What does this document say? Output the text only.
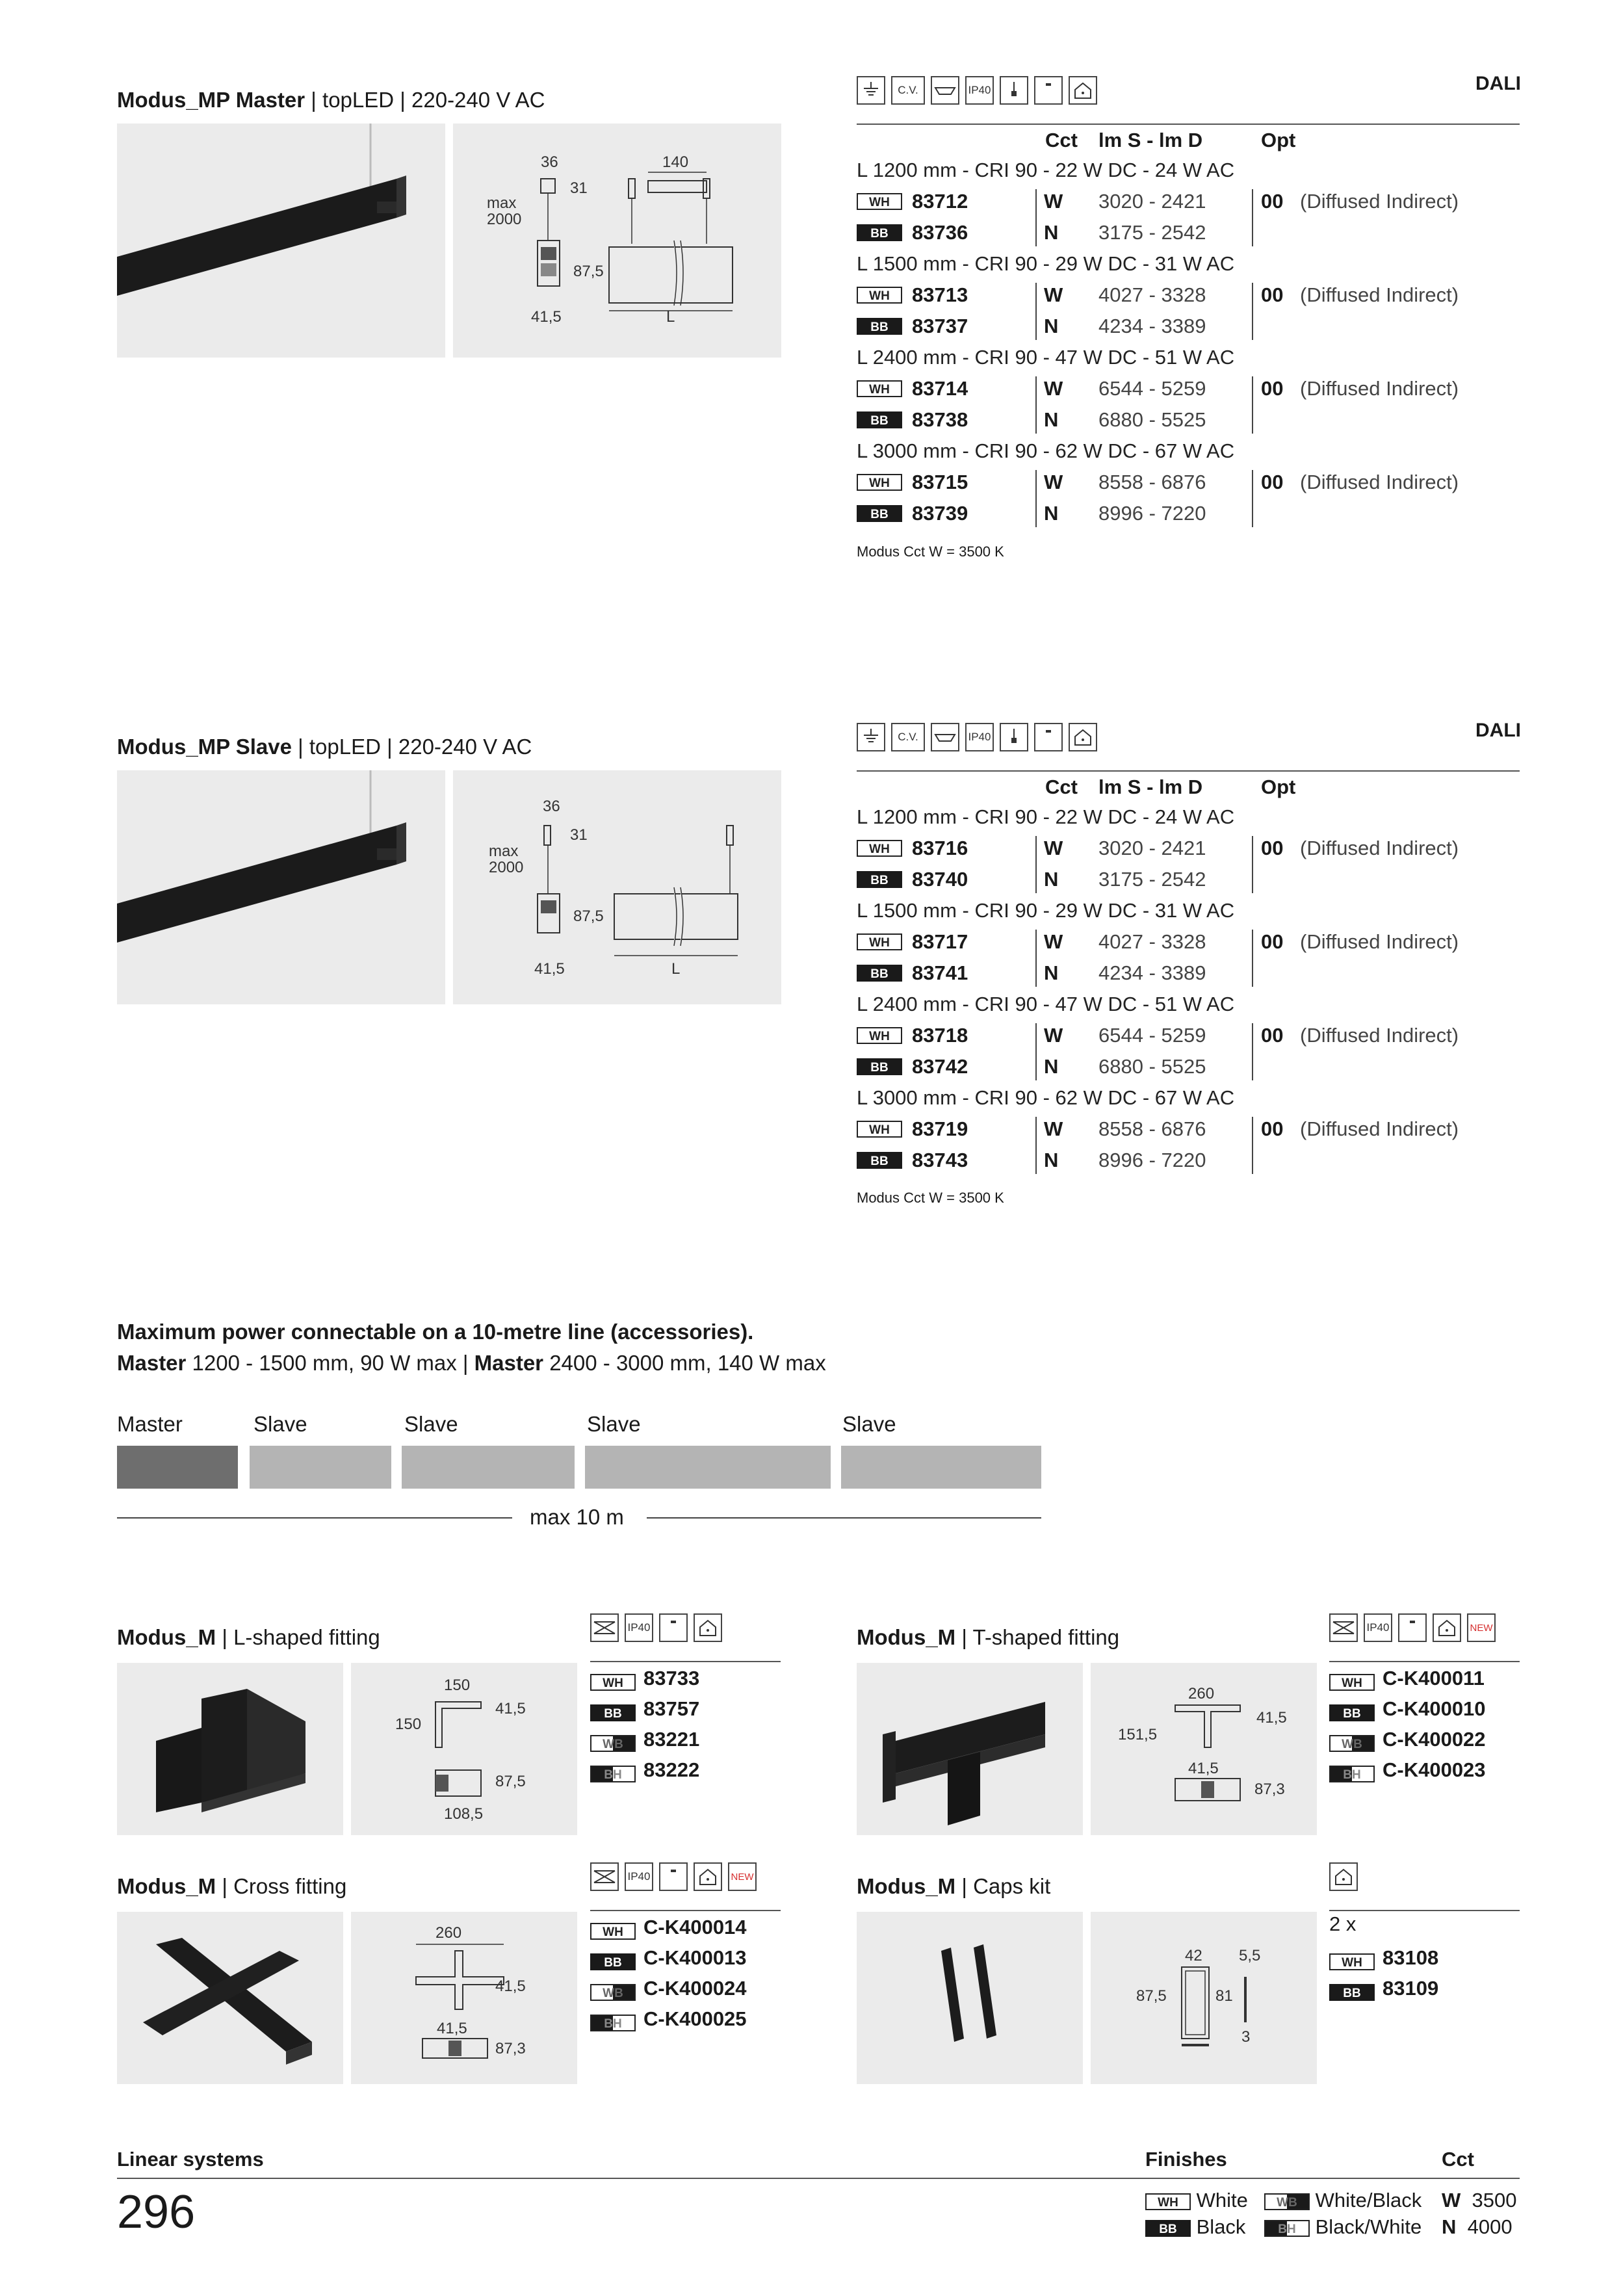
Modus_MP Master | topLED | 220-240 V AC
36	140
31
max
2000
87,5
41,5	L
C.V.	IP40	DALI
Cct lm S - lm D	Opt
L 1200 mm - CRI 90 - 22 W DC - 24 W AC
WH	83712	W 3020 - 2421	00 (Diffused Indirect)
BB	83736	N 3175 - 2542
L 1500 mm - CRI 90 - 29 W DC - 31 W AC
WH	83713	W 4027 - 3328	00 (Diffused Indirect)
BB	83737	N 4234 - 3389
L 2400 mm - CRI 90 - 47 W DC - 51 W AC
WH	83714	W 6544 - 5259	00 (Diffused Indirect)
BB	83738	N 6880 - 5525
L 3000 mm - CRI 90 - 62 W DC - 67 W AC
WH	83715	W 8558 - 6876	00 (Diffused Indirect)
BB	83739	N 8996 - 7220
Modus Cct W = 3500 K
Modus_MP Slave | topLED | 220-240 V AC
36
31
max
2000
87,5
41,5	L
C.V.	IP40	DALI
Cct lm S - lm D	Opt
L 1200 mm - CRI 90 - 22 W DC - 24 W AC
WH	83716	W 3020 - 2421	00 (Diffused Indirect)
BB	83740	N 3175 - 2542
L 1500 mm - CRI 90 - 29 W DC - 31 W AC
WH	83717	W 4027 - 3328	00 (Diffused Indirect)
BB	83741	N 4234 - 3389
L 2400 mm - CRI 90 - 47 W DC - 51 W AC
WH	83718	W 6544 - 5259	00 (Diffused Indirect)
BB	83742	N 6880 - 5525
L 3000 mm - CRI 90 - 62 W DC - 67 W AC
WH	83719	W 8558 - 6876	00 (Diffused Indirect)
BB	83743	N 8996 - 7220
Modus Cct W = 3500 K
Maximum power connectable on a 10-metre line (accessories).
Master 1200 - 1500 mm, 90 W max | Master 2400 - 3000 mm, 140 W max
Master	Slave	Slave	Slave	Slave
max 10 m
Modus_M | L-shaped fitting	IP40
150
150
41,5
87,5
108,5
WH 83733
BB 83757
WB 83221
BH 83222
Modus_M | T-shaped fitting	IP40	NEW
260
41,5
151,5
41,5
87,3
WH C-K400011
BB C-K400010
WB C-K400022
BH C-K400023
Modus_M | Cross fitting	IP40	NEW
260
41,5
41,5
87,3
WH C-K400014
BB C-K400013
WB C-K400024
BH C-K400025
Modus_M | Caps kit
42 5,5
87,5	81
3
2 x
WH 83108
BB 83109
Linear systems
296
Finishes	Cct
WH White	WB White/Black
BB Black	BH Black/White
W 3500
N 4000
